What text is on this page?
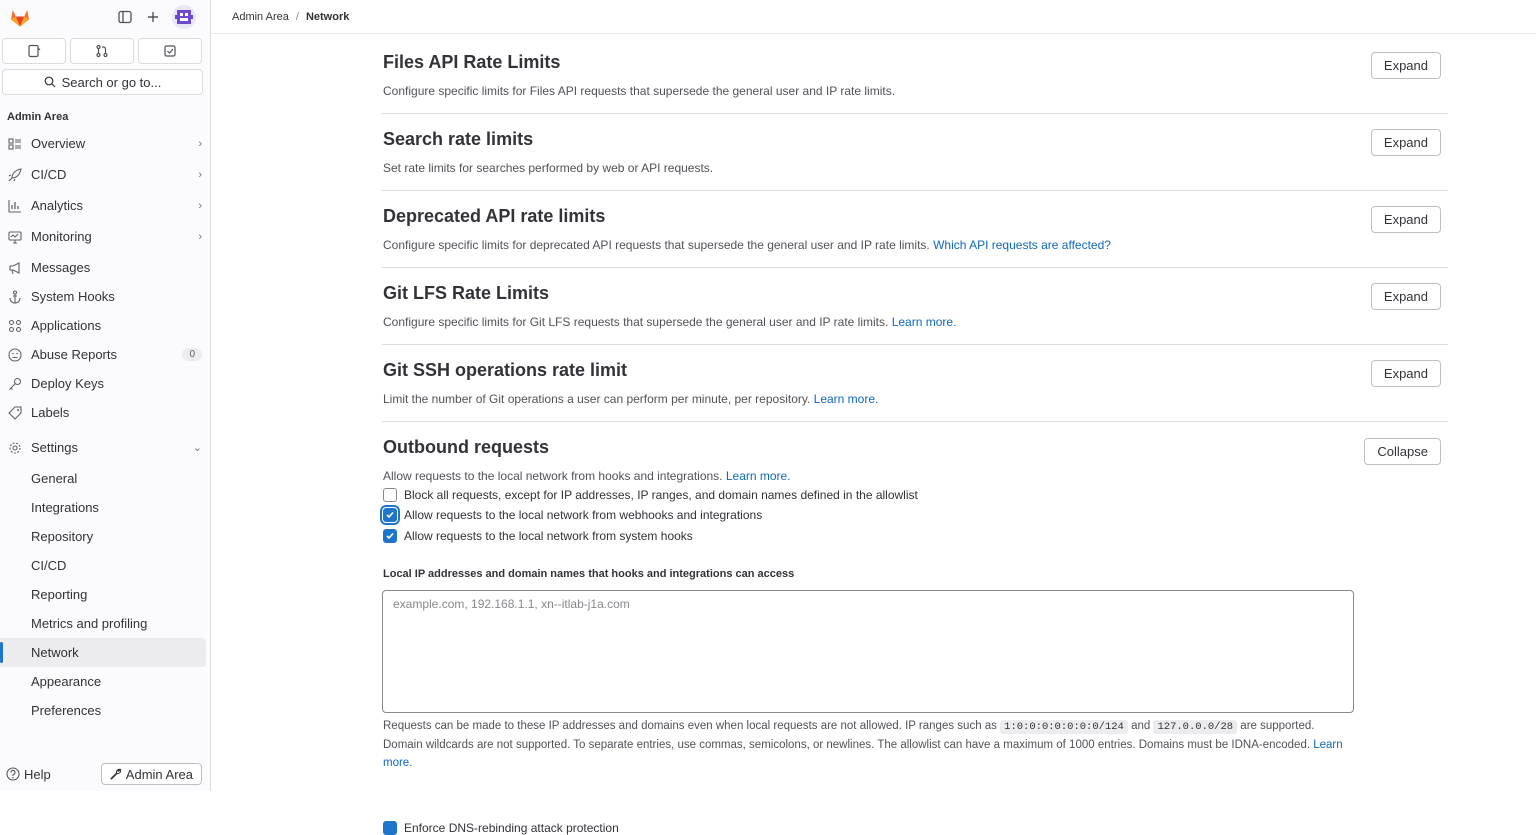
Search or go to...
Admin Area
Overview	›
CI/CD	›
Analytics	›
Monitoring	›
Messages
System Hooks
Applications
Abuse Reports	0
Deploy Keys
Labels
Settings	⌄
General
Integrations
Repository
CI/CD
Reporting
Metrics and profiling
Network
Appearance
Preferences
Help	Admin Area
Admin Area / Network
Files API Rate Limits

Configure specific limits for Files API requests that supersede the general user and IP rate limits.

Expand
Search rate limits

Set rate limits for searches performed by web or API requests.

Expand
Deprecated API rate limits

Configure specific limits for deprecated API requests that supersede the general user and IP rate limits. Which API requests are affected?

Expand
Git LFS Rate Limits

Configure specific limits for Git LFS requests that supersede the general user and IP rate limits. Learn more.

Expand
Git SSH operations rate limit

Limit the number of Git operations a user can perform per minute, per repository. Learn more.

Expand
Outbound requests	Collapse
Allow requests to the local network from hooks and integrations. Learn more.
Block all requests, except for IP addresses, IP ranges, and domain names defined in the allowlist
Allow requests to the local network from webhooks and integrations
Allow requests to the local network from system hooks
Local IP addresses and domain names that hooks and integrations can access
example.com, 192.168.1.1, xn--itlab-j1a.com
Requests can be made to these IP addresses and domains even when local requests are not allowed. IP ranges such as 1:0:0:0:0:0:0:0/124 and 127.0.0.0/28 are supported. Domain wildcards are not supported. To separate entries, use commas, semicolons, or newlines. The allowlist can have a maximum of 1000 entries. Domains must be IDNA-encoded. Learn more.
Enforce DNS-rebinding attack protection
